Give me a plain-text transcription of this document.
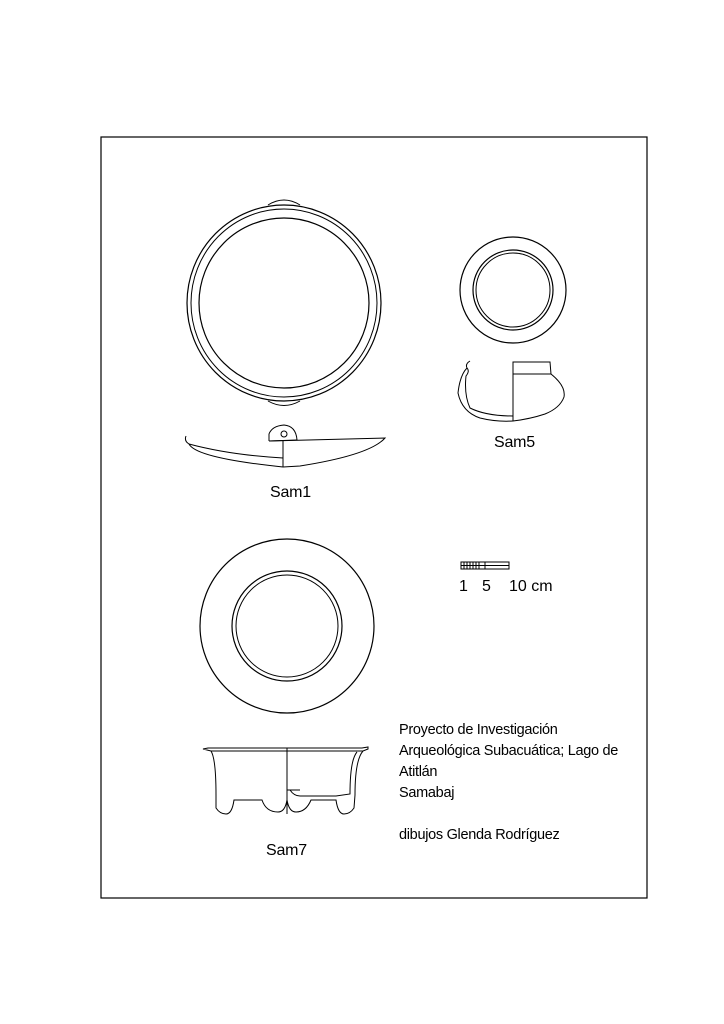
Sam1
Sam5
Sam7
1 5 10 cm
Proyecto de Investigación
Arqueológica Subacuática; Lago de
Atitlán
Samabaj
dibujos Glenda Rodríguez
